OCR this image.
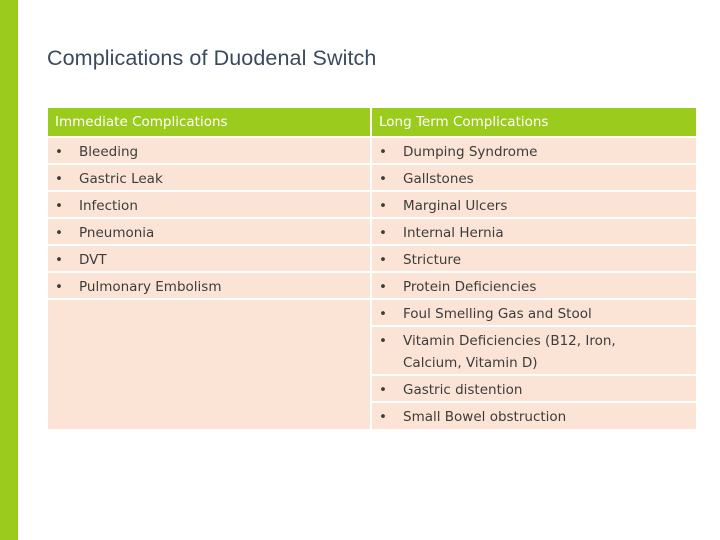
Complications of Duodenal Switch
Immediate Complications	Long Term Complications
• Bleeding	• Dumping Syndrome
• Gastric Leak	• Gallstones
• Infection	• Marginal Ulcers
• Pneumonia	• Internal Hernia
• DVT	• Stricture
• Pulmonary Embolism	• Protein Deficiencies
	• Foul Smelling Gas and Stool
	• Vitamin Deficiencies (B12, Iron, Calcium, Vitamin D)
	• Gastric distention
	• Small Bowel obstruction
